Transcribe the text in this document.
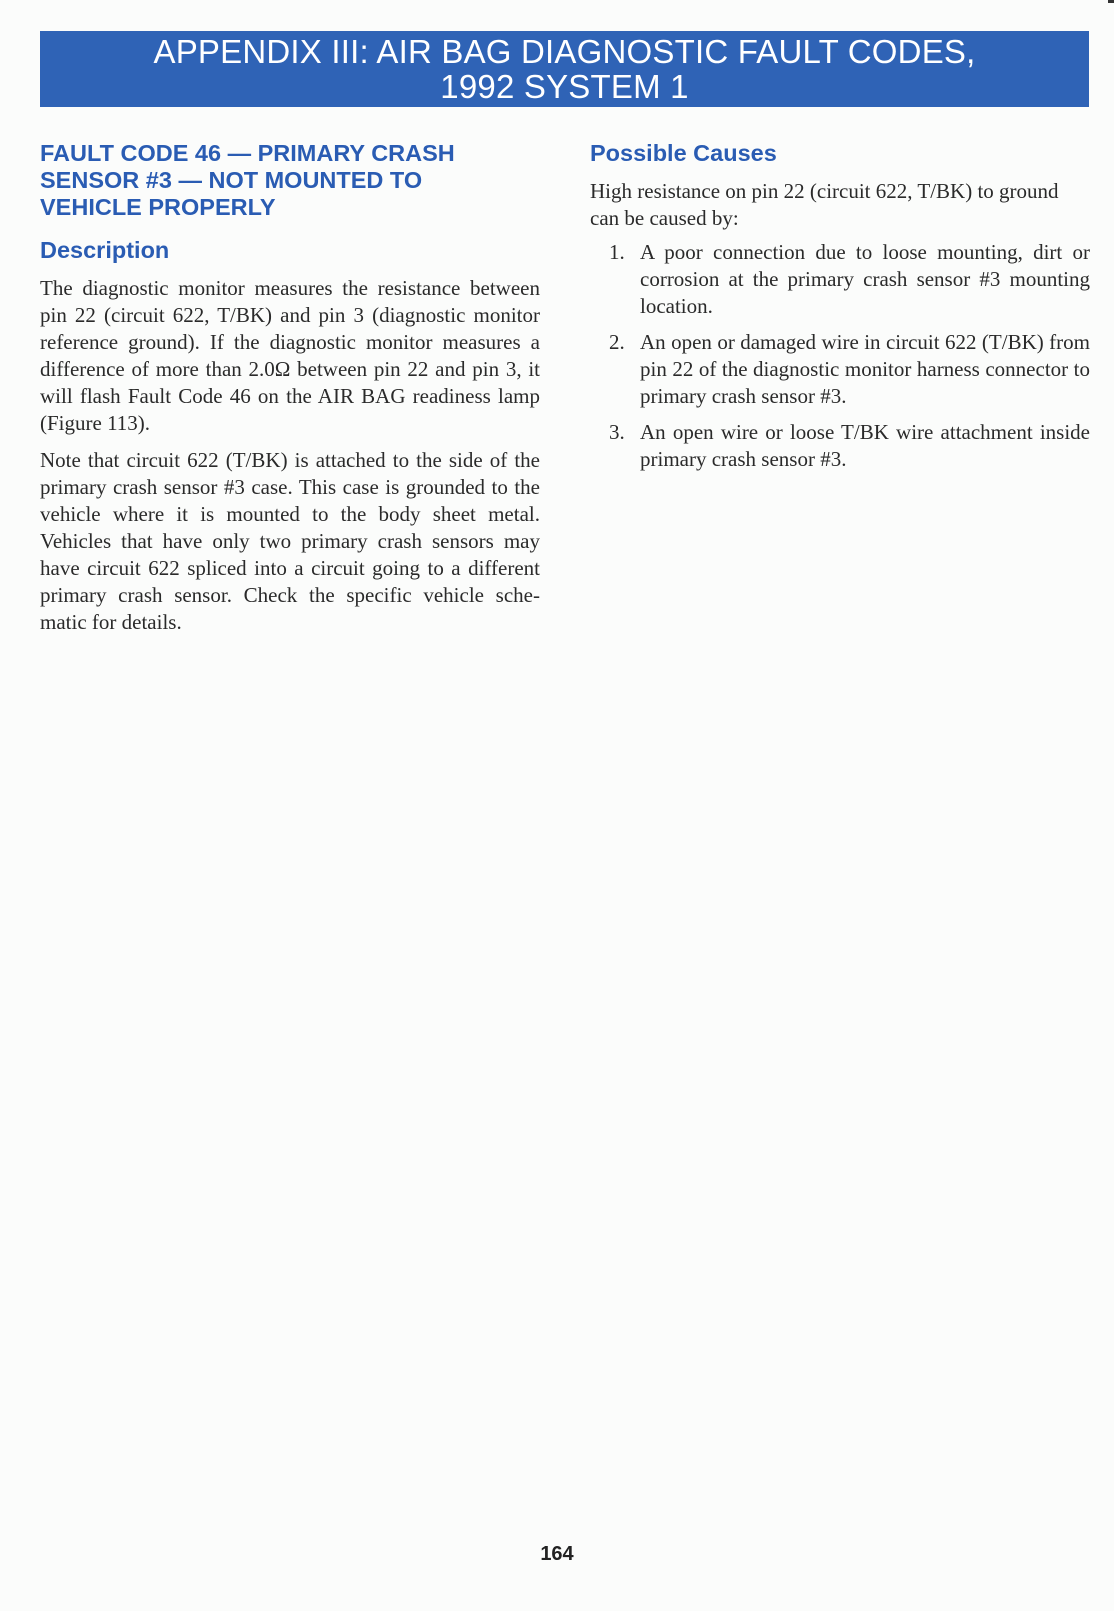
APPENDIX III: AIR BAG DIAGNOSTIC FAULT CODES,
1992 SYSTEM 1
FAULT CODE 46 — PRIMARY CRASH
SENSOR #3 — NOT MOUNTED TO
VEHICLE PROPERLY
Description

The diagnostic monitor measures the resistance between pin 22 (circuit 622, T/BK) and pin 3 (diagnostic monitor reference ground). If the diagnostic monitor measures a difference of more than 2.0Ω between pin 22 and pin 3, it will flash Fault Code 46 on the AIR BAG readiness lamp (Figure 113).

Note that circuit 622 (T/BK) is attached to the side of the primary crash sensor #3 case. This case is grounded to the vehicle where it is mounted to the body sheet metal. Vehicles that have only two primary crash sensors may have circuit 622 spliced into a circuit going to a different primary crash sensor. Check the specific vehicle sche-matic for details.

Possible Causes

High resistance on pin 22 (circuit 622, T/BK) to ground can be caused by:

1. A poor connection due to loose mounting, dirt or corrosion at the primary crash sensor #3 mounting location.
2. An open or damaged wire in circuit 622 (T/BK) from pin 22 of the diagnostic monitor harness connector to primary crash sensor #3.
3. An open wire or loose T/BK wire attachment inside primary crash sensor #3.
164
